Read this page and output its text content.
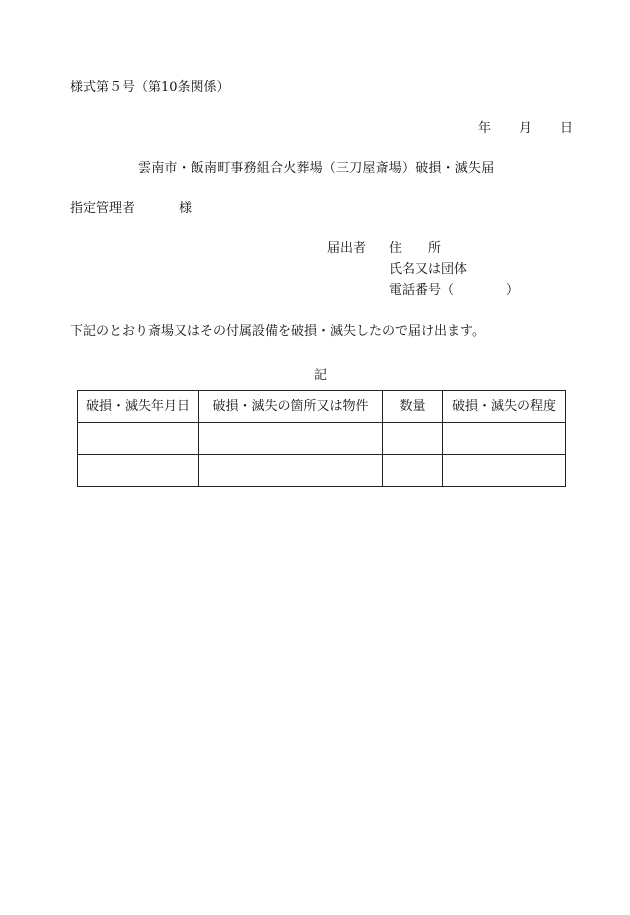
様式第５号（第10条関係）
年 月 日
雲南市・飯南町事務組合火葬場（三刀屋斎場）破損・滅失届
指定管理者	様
届出者 住 所
氏名又は団体
電話番号（	）
下記のとおり斎場又はその付属設備を破損・滅失したので届け出ます。
記
破損・滅失年月日	破損・滅失の箇所又は物件	数量	破損・滅失の程度
